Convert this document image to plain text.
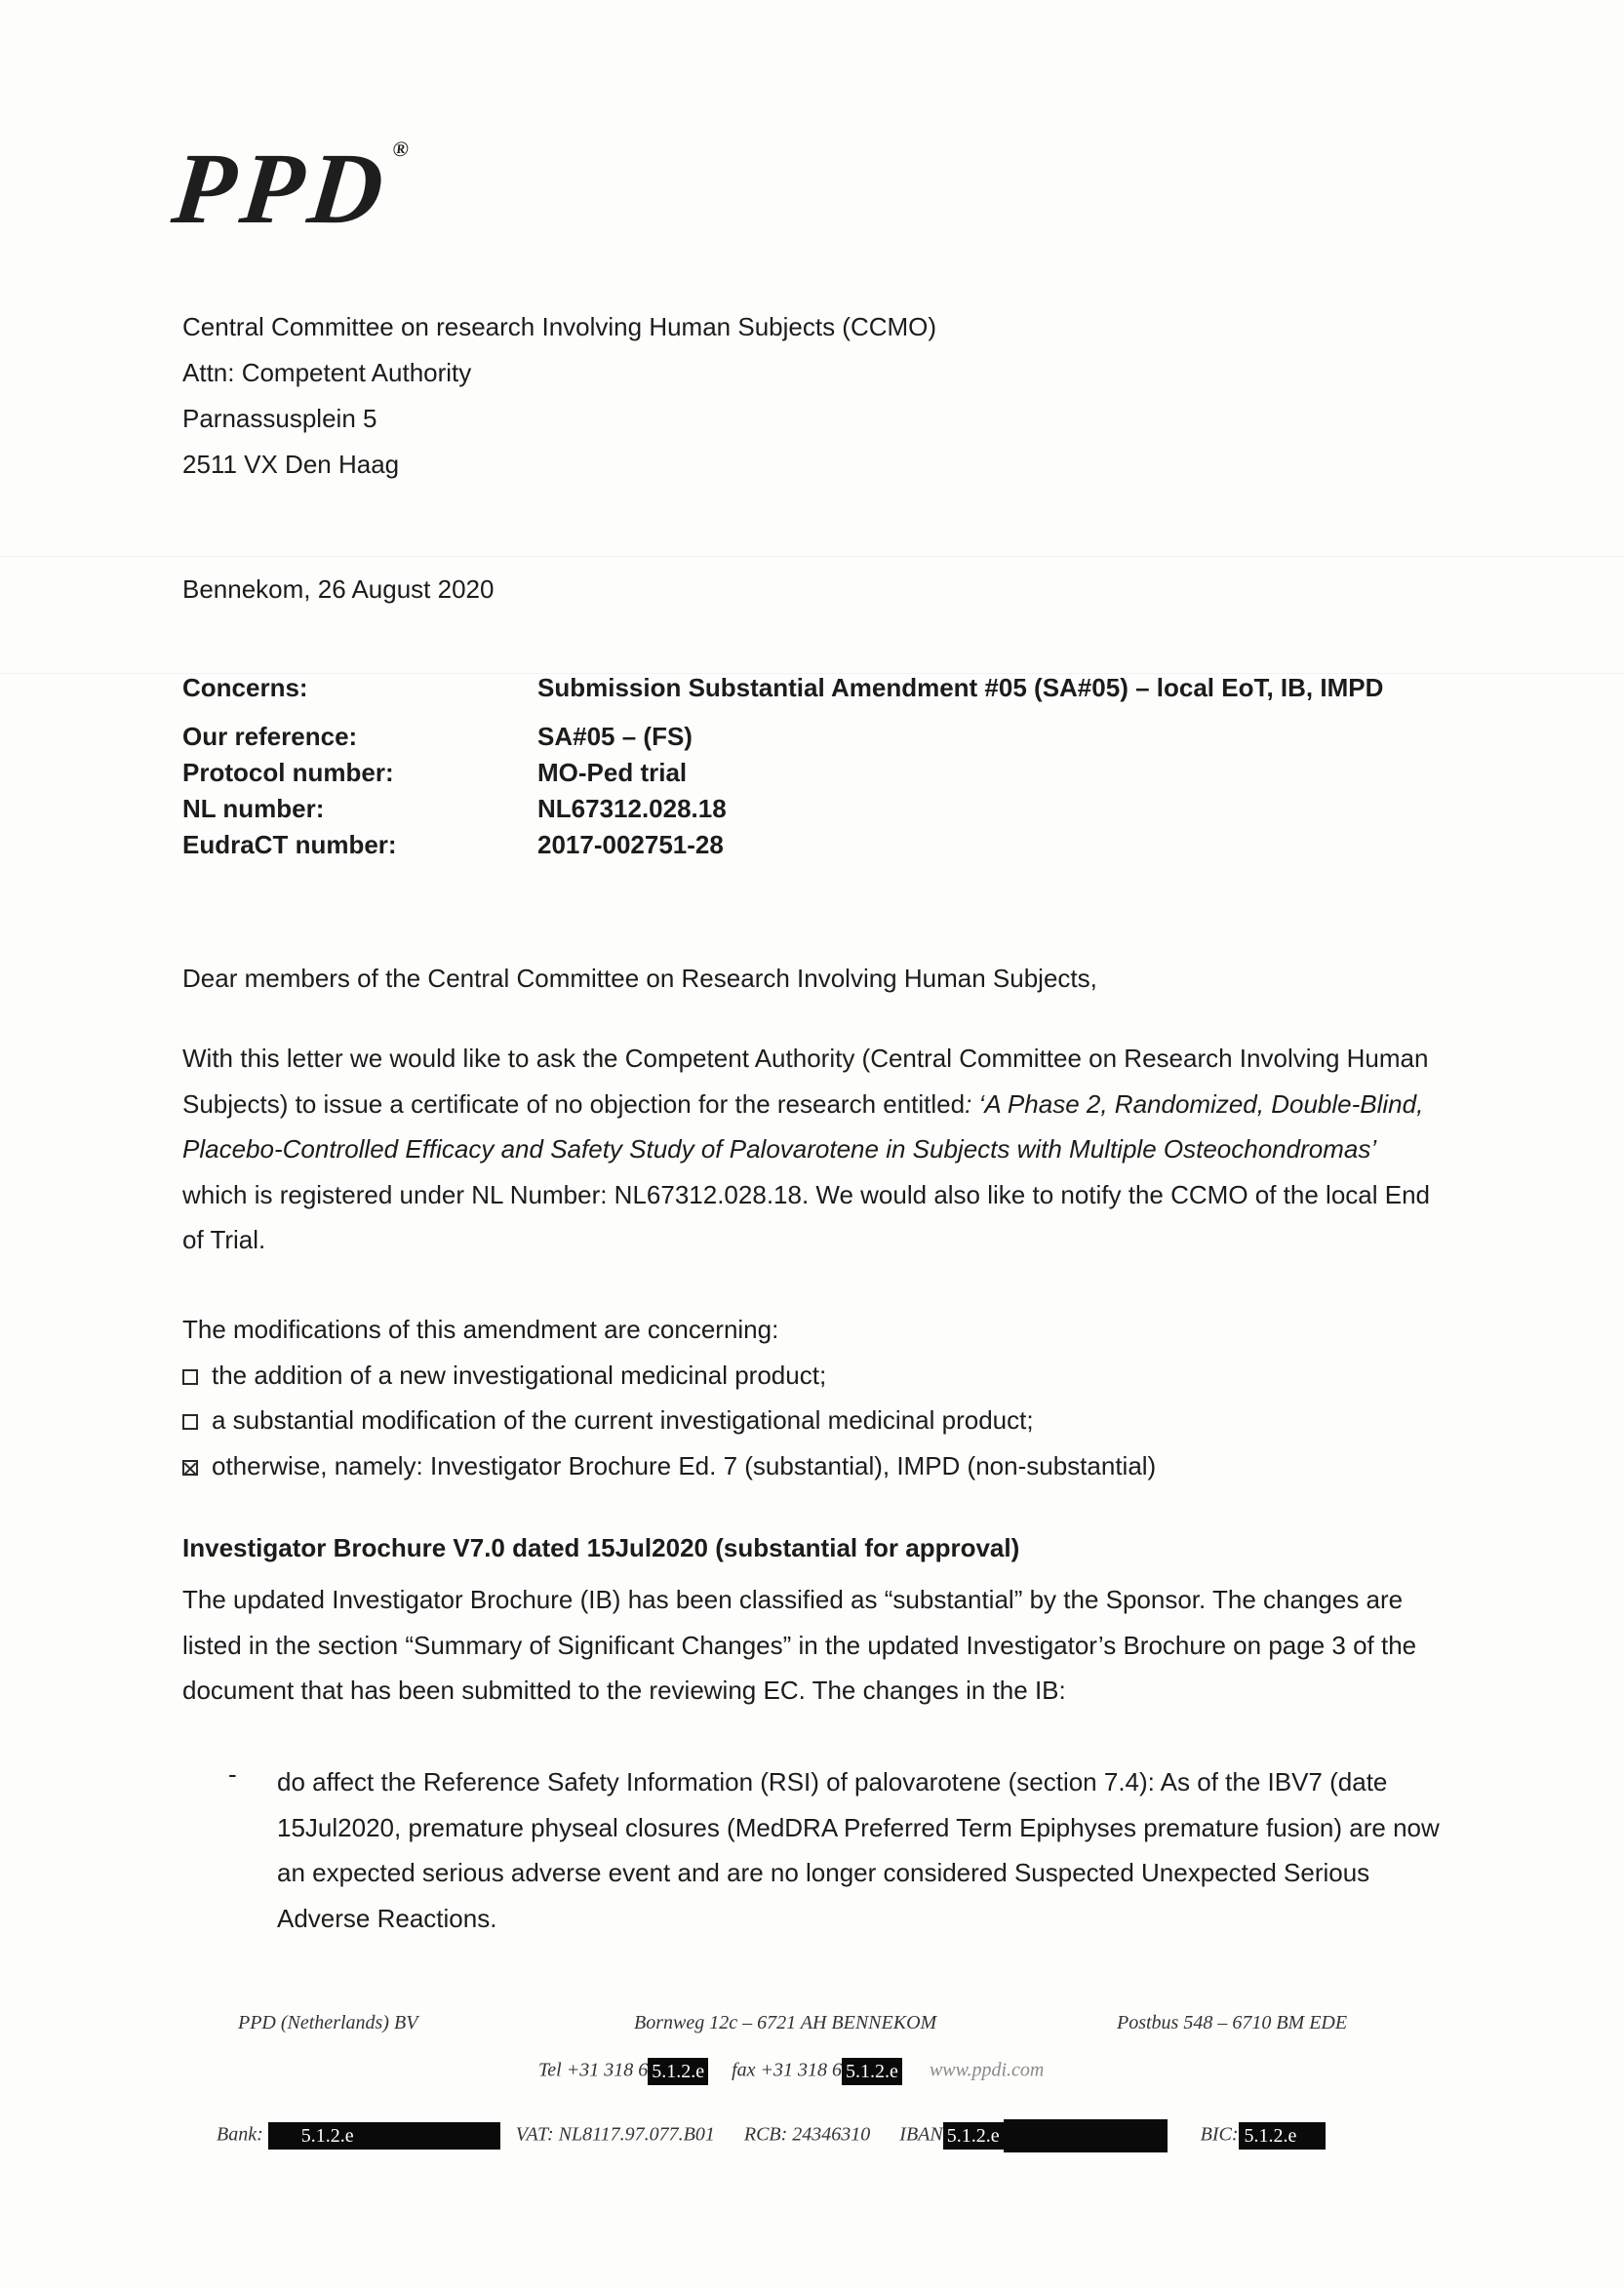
PPD®
Central Committee on research Involving Human Subjects (CCMO)
Attn: Competent Authority
Parnassusplein 5
2511 VX Den Haag
Bennekom, 26 August 2020
Concerns:	Submission Substantial Amendment #05 (SA#05) – local EoT, IB, IMPD
Our reference:	SA#05 – (FS)
Protocol number:	MO-Ped trial
NL number:	NL67312.028.18
EudraCT number:	2017-002751-28
Dear members of the Central Committee on Research Involving Human Subjects,

With this letter we would like to ask the Competent Authority (Central Committee on Research Involving Human Subjects) to issue a certificate of no objection for the research entitled: ‘A Phase 2, Randomized, Double-Blind, Placebo-Controlled Efficacy and Safety Study of Palovarotene in Subjects with Multiple Osteochondromas’ which is registered under NL Number: NL67312.028.18. We would also like to notify the CCMO of the local End of Trial.

The modifications of this amendment are concerning:
the addition of a new investigational medicinal product;
a substantial modification of the current investigational medicinal product;
otherwise, namely: Investigator Brochure Ed. 7 (substantial), IMPD (non-substantial)
Investigator Brochure V7.0 dated 15Jul2020 (substantial for approval)

The updated Investigator Brochure (IB) has been classified as “substantial” by the Sponsor. The changes are listed in the section “Summary of Significant Changes” in the updated Investigator’s Brochure on page 3 of the document that has been submitted to the reviewing EC. The changes in the IB:

- do affect the Reference Safety Information (RSI) of palovarotene (section 7.4): As of the IBV7 (date 15Jul2020, premature physeal closures (MedDRA Preferred Term Epiphyses premature fusion) are now an expected serious adverse event and are no longer considered Suspected Unexpected Serious Adverse Reactions.
PPD (Netherlands) BV	Bornweg 12c – 6721 AH BENNEKOM	Postbus 548 – 6710 BM EDE
Tel +31 318 6 5.1.2.e fax +31 318 6 5.1.2.e www.ppdi.com
Bank: 5.1.2.e	VAT: NL8117.97.077.B01 RCB: 24346310 IBAN 5.1.2.e	BIC: 5.1.2.e
